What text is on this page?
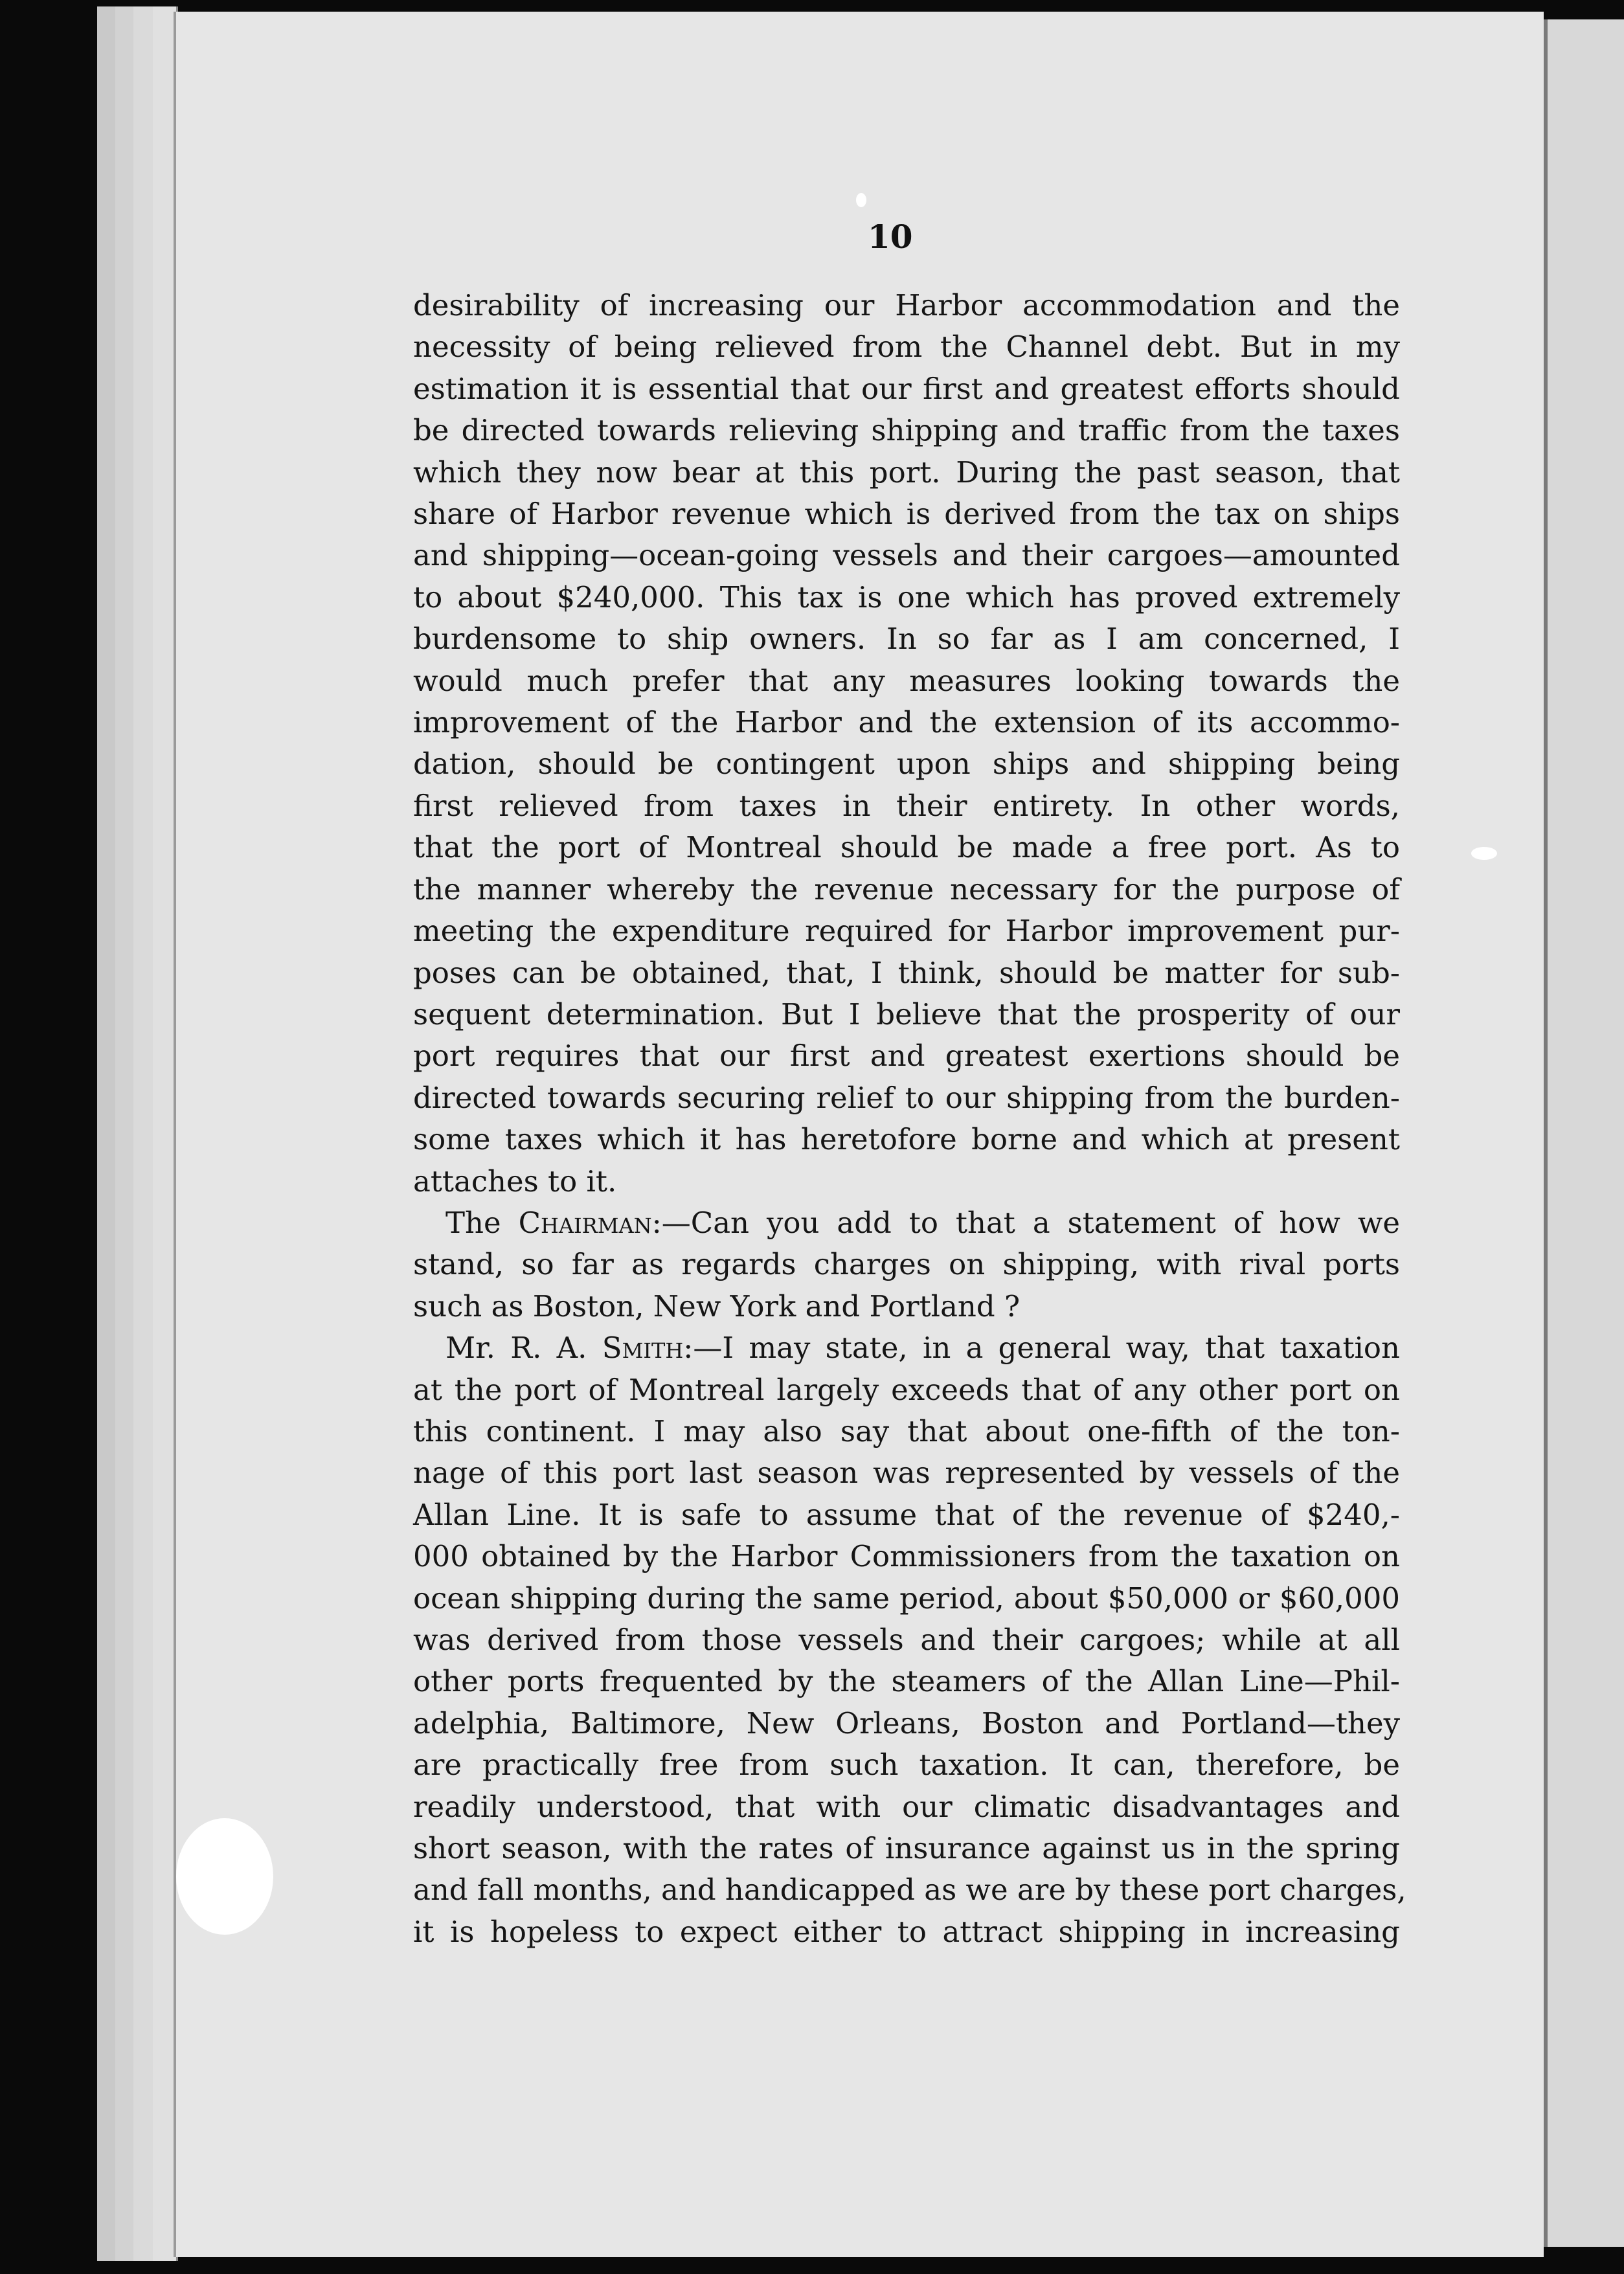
10

desirability of increasing our Harbor accommodation and the
necessity of being relieved from the Channel debt. But in my
estimation it is essential that our first and greatest efforts should
be directed towards relieving shipping and traffic from the taxes
which they now bear at this port. During the past season, that
share of Harbor revenue which is derived from the tax on ships
and shipping—ocean-going vessels and their cargoes—amounted
to about $240,000. This tax is one which has proved extremely
burdensome to ship owners. In so far as I am concerned, I
would much prefer that any measures looking towards the
improvement of the Harbor and the extension of its accommo-
dation, should be contingent upon ships and shipping being
first relieved from taxes in their entirety. In other words,
that the port of Montreal should be made a free port. As to
the manner whereby the revenue necessary for the purpose of
meeting the expenditure required for Harbor improvement pur-
poses can be obtained, that, I think, should be matter for sub-
sequent determination. But I believe that the prosperity of our
port requires that our first and greatest exertions should be
directed towards securing relief to our shipping from the burden-
some taxes which it has heretofore borne and which at present
attaches to it.

The Chairman:—Can you add to that a statement of how we
stand, so far as regards charges on shipping, with rival ports
such as Boston, New York and Portland ?

Mr. R. A. Smith:—I may state, in a general way, that taxation
at the port of Montreal largely exceeds that of any other port on
this continent. I may also say that about one-fifth of the ton-
nage of this port last season was represented by vessels of the
Allan Line. It is safe to assume that of the revenue of $240,-
000 obtained by the Harbor Commissioners from the taxation on
ocean shipping during the same period, about $50,000 or $60,000
was derived from those vessels and their cargoes; while at all
other ports frequented by the steamers of the Allan Line—Phil-
adelphia, Baltimore, New Orleans, Boston and Portland—they
are practically free from such taxation. It can, therefore, be
readily understood, that with our climatic disadvantages and
short season, with the rates of insurance against us in the spring
and fall months, and handicapped as we are by these port charges,
it is hopeless to expect either to attract shipping in increasing
